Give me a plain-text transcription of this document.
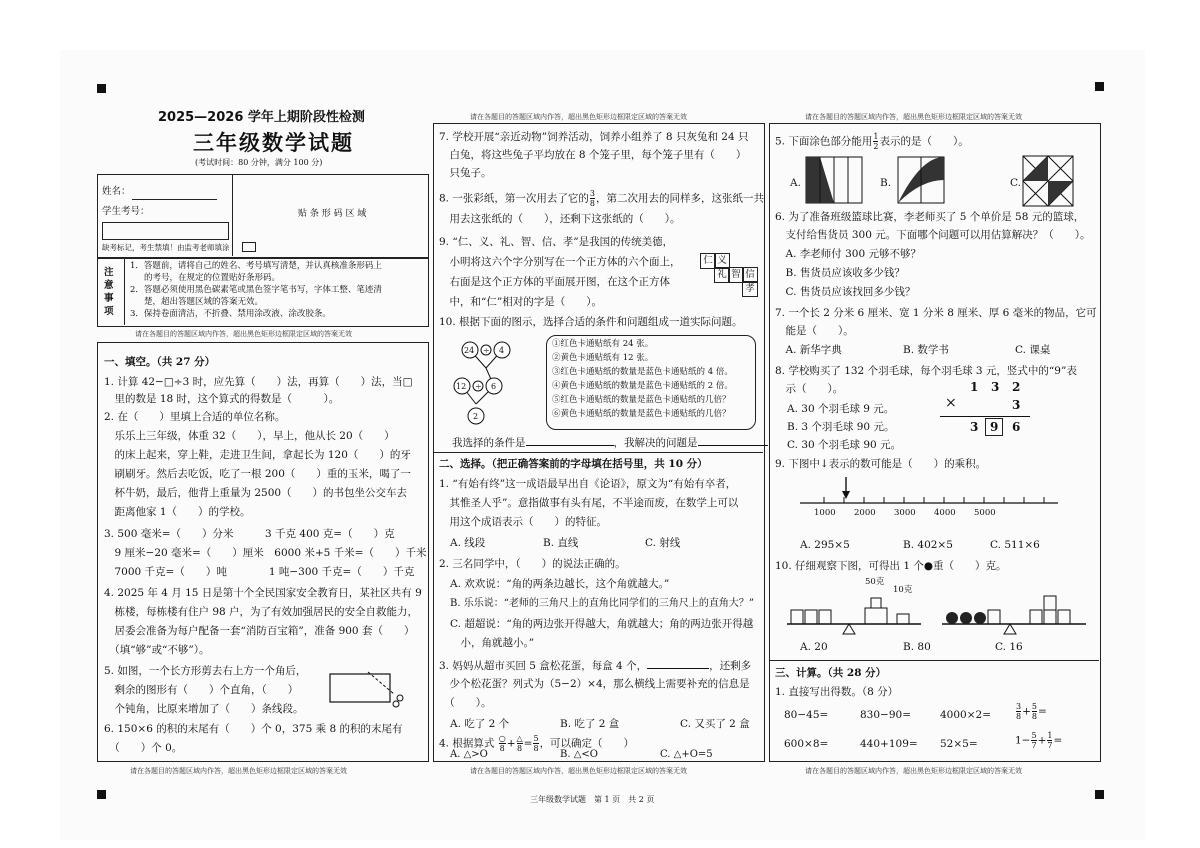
请在各题目的答题区域内作答，超出黑色矩形边框限定区域的答案无效	请在各题目的答题区域内作答，超出黑色矩形边框限定区域的答案无效
2025—2026 学年上期阶段性检测
三年级数学试题
(考试时间：80 分钟，满分 100 分)
姓名：
学生考号：
缺考标记，考生禁填！由监考老师填涂
贴 条 形 码 区 域
注意事项
1．答题前，请将自己的姓名、考号填写清楚，并认真核准条形码上
的考号，在规定的位置贴好条形码。
2．答题必须使用黑色碳素笔或黑色签字笔书写，字体工整、笔迹清
楚，超出答题区域的答案无效。
3．保持卷面清洁，不折叠、禁用涂改液、涂改胶条。
请在各题目的答题区域内作答，超出黑色矩形边框限定区域的答案无效
一、填空。（共 27 分）
1. 计算 42−□÷3 时，应先算（　　）法，再算（　　）法，当□
　里的数是 18 时，这个算式的得数是（　　　）。
2. 在（　　）里填上合适的单位名称。
　乐乐上三年级，体重 32（　　），早上，他从长 20（　　）
　的床上起来，穿上鞋，走进卫生间，拿起长为 120（　　）的牙
　刷刷牙。然后去吃饭，吃了一根 200（　　）重的玉米，喝了一
　杯牛奶，最后，他背上重量为 2500（　　）的书包坐公交车去
　距离他家 1（　　）的学校。
3. 500 毫米=（　　）分米　　　3 千克 400 克=（　　）克
　9 厘米−20 毫米=（　　）厘米　6000 米+5 千米=（　　）千米
　7000 千克=（　　）吨　　　　1 吨−300 千克=（　　）千克
4. 2025 年 4 月 15 日是第十个全民国家安全教育日，某社区共有 9
　栋楼，每栋楼有住户 98 户，为了有效加强居民的安全自救能力，
　居委会准备为每户配备一套“消防百宝箱”，准备 900 套（　　）
　（填“够”或“不够”）。
5. 如图，一个长方形剪去右上方一个角后，
　剩余的图形有（　　）个直角，（　　）
　个钝角，比原来增加了（　　）条线段。
6. 150×6 的积的末尾有（　　）个 0，375 乘 8 的积的末尾有
　（　　）个 0。
请在各题目的答题区域内作答，超出黑色矩形边框限定区域的答案无效
7. 学校开展“亲近动物”饲养活动，饲养小组养了 8 只灰兔和 24 只
　白兔，将这些兔子平均放在 8 个笼子里，每个笼子里有（　　）
　只兔子。
8. 一张彩纸，第一次用去了它的 $\frac{3}{8}$ ，第二次用去的同样多，这张纸一共
　用去这张纸的（　　），还剩下这张纸的（　　）。
9. “仁、义、礼、智、信、孝”是我国的传统美德，
　小明将这六个字分别写在一个正方体的六个面上，
　右面是这个正方体的平面展开图，在这个正方体
　中，和“仁”相对的字是（　　）。
仁 义
礼 智 信
孝
10. 根据下面的图示，选择合适的条件和问题组成一道实际问题。
24 ÷ 4
12 ÷ 6
2
①红色卡通贴纸有 24 张。
②黄色卡通贴纸有 12 张。
③红色卡通贴纸的数量是蓝色卡通贴纸的 4 倍。
④黄色卡通贴纸的数量是蓝色卡通贴纸的 2 倍。
⑤红色卡通贴纸的数量是蓝色卡通贴纸的几倍？
⑥黄色卡通贴纸的数量是蓝色卡通贴纸的几倍？
我选择的条件是	，我解决的问题是
二、选择。（把正确答案前的字母填在括号里，共 10 分）
1. “有始有终”这一成语最早出自《论语》，原文为“有始有卒者，
　其惟圣人乎”。意指做事有头有尾，不半途而废，在数学上可以
　用这个成语表示（　　）的特征。
A. 线段	B. 直线	C. 射线
2. 三名同学中，（　　）的说法正确的。
A. 欢欢说：“角的两条边越长，这个角就越大。”
B. 乐乐说：“老师的三角尺上的直角比同学们的三角尺上的直角大？”
C. 超超说：“角的两边张开得越大，角就越大；角的两边张开得越
　小，角就越小。”
3. 妈妈从超市买回 5 盒松花蛋，每盒 4 个，	，还剩多
　少个松花蛋？列式为（5−2）×4，那么横线上需要补充的信息是
　（　　）。
A. 吃了 2 个	B. 吃了 2 盒	C. 又买了 2 盒
4. 根据算式 $\frac{○}{8} + \frac{\triangle}{8} = \frac{5}{8}$ ，可以确定（　　）
A. △>O	B. △<O	C. △+O=5
请在各题目的答题区域内作答，超出黑色矩形边框限定区域的答案无效
5. 下面涂色部分能用 $\frac{1}{2}$ 表示的是（　　）。
A.	B.	C.
6. 为了准备班级篮球比赛，李老师买了 5 个单价是 58 元的篮球，
　支付给售货员 300 元。下面哪个问题可以用估算解决？（　　）。
　A. 李老师付 300 元够不够？
　B. 售货员应该收多少钱？
　C. 售货员应该找回多少钱？
7. 一个长 2 分米 6 厘米、宽 1 分米 8 厘米、厚 6 毫米的物品，它可
　能是（　　）。
　A. 新华字典	B. 数学书	C. 课桌
8. 学校购买了 132 个羽毛球，每个羽毛球 3 元，竖式中的“9”表
　示（　　）。
A. 30 个羽毛球 9 元。
B. 3 个羽毛球 90 元。
C. 30 个羽毛球 90 元。
1 3 2
×	3
3 9 6
9. 下图中↓表示的数可能是（　　）的乘积。
1000 2000 3000 4000 5000
A. 295×5	B. 402×5	C. 511×6
10. 仔细观察下图，可得出 1 个●重（　　）克。
50克
10克
A. 20	B. 80	C. 16
三、计算。（共 28 分）
1. 直接写出得数。（8 分）
80−45=	830−90=	4000×2=	$\frac{3}{8} + \frac{5}{8}$ =
600×8=	440+109= 52×5=	$1- \frac{5}{7} + \frac{1}{7}$ =
请在各题目的答题区域内作答，超出黑色矩形边框限定区域的答案无效
三年级数学试题　第 1 页　共 2 页
